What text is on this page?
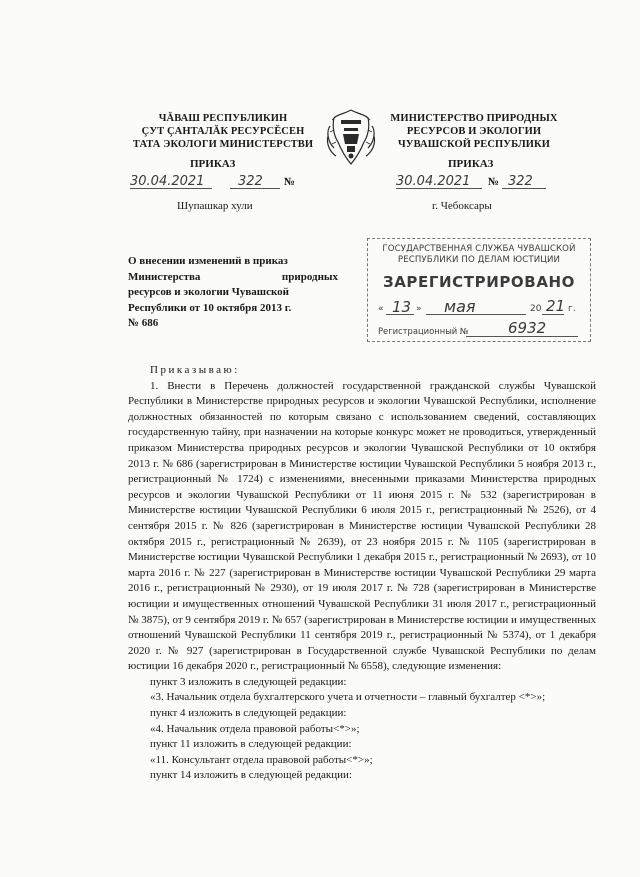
ЧĂВАШ РЕСПУБЛИКИН
ÇУТ ÇАНТАЛĂК РЕСУРСĔСЕН
ТАТА ЭКОЛОГИ МИНИСТЕРСТВИ
МИНИСТЕРСТВО ПРИРОДНЫХ
РЕСУРСОВ И ЭКОЛОГИИ
ЧУВАШСКОЙ РЕСПУБЛИКИ
ПРИКАЗ	ПРИКАЗ
30.04.2021	322 №	30.04.2021 № 322
Шупашкар хули	г. Чебоксары
О внесении изменений в приказ
Министерства	природных
ресурсов и экологии Чувашской
Республики от 10 октября 2013 г.
№ 686
ГОСУДАРСТВЕННАЯ СЛУЖБА ЧУВАШСКОЙ
РЕСПУБЛИКИ ПО ДЕЛАМ ЮСТИЦИИ
ЗАРЕГИСТРИРОВАНО
« 13 » мая	20 21 г.
Регистрационный №	6932

Приказываю:

1. Внести в Перечень должностей государственной гражданской службы Чувашской Республики в Министерстве природных ресурсов и экологии Чувашской Республики, исполнение должностных обязанностей по которым связано с использованием сведений, составляющих государственную тайну, при назначении на которые конкурс может не проводиться, утвержденный приказом Министерства природных ресурсов и экологии Чувашской Республики от 10 октября 2013 г. № 686 (зарегистрирован в Министерстве юстиции Чувашской Республики 5 ноября 2013 г., регистрационный № 1724) с изменениями, внесенными приказами Министерства природных ресурсов и экологии Чувашской Республики от 11 июня 2015 г. № 532 (зарегистрирован в Министерстве юстиции Чувашской Республики 6 июля 2015 г., регистрационный № 2526), от 4 сентября 2015 г. № 826 (зарегистрирован в Министерстве юстиции Чувашской Республики 28 октября 2015 г., регистрационный № 2639), от 23 ноября 2015 г. № 1105 (зарегистрирован в Министерстве юстиции Чувашской Республики 1 декабря 2015 г., регистрационный № 2693), от 10 марта 2016 г. № 227 (зарегистрирован в Министерстве юстиции Чувашской Республики 29 марта 2016 г., регистрационный № 2930), от 19 июля 2017 г. № 728 (зарегистрирован в Министерстве юстиции и имущественных отношений Чувашской Республики 31 июля 2017 г., регистрационный № 3875), от 9 сентября 2019 г. № 657 (зарегистрирован в Министерстве юстиции и имущественных отношений Чувашской Республики 11 сентября 2019 г., регистрационный № 5374), от 1 декабря 2020 г. № 927 (зарегистрирован в Государственной службе Чувашской Республики по делам юстиции 16 декабря 2020 г., регистрационный № 6558), следующие изменения:

пункт 3 изложить в следующей редакции:

«3. Начальник отдела бухгалтерского учета и отчетности – главный бухгалтер <*>»;

пункт 4 изложить в следующей редакции:

«4. Начальник отдела правовой работы<*>»;

пункт 11 изложить в следующей редакции:

«11. Консультант отдела правовой работы<*>»;

пункт 14 изложить в следующей редакции:
